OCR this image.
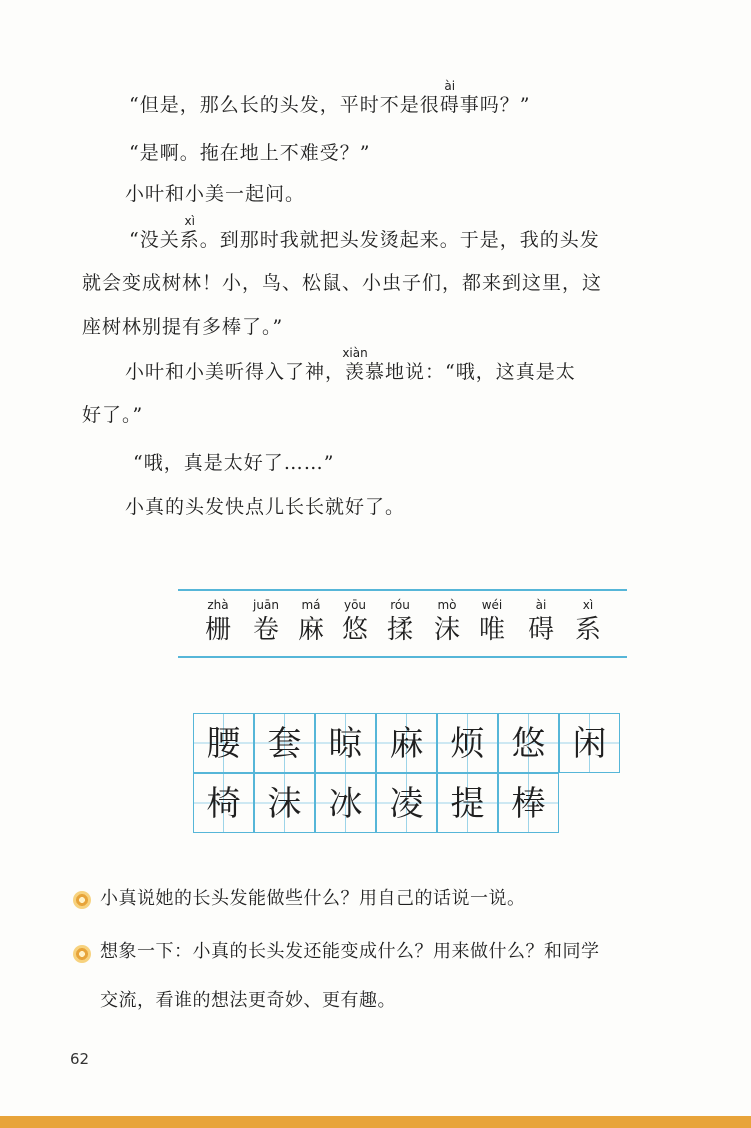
“但是，那么长的头发，平时不是很
ài
碍事吗？”
“是啊。拖在地上不难受？”
小叶和小美一起问。
“没关
xì
系。到那时我就把头发烫起来。于是，我的头发
就会变成树林！小，鸟、松鼠、小虫子们，都来到这里，这
座树林别提有多棒了。”
小叶和小美听得入了神，
xiàn
羡慕地说：“哦，这真是太
好了。”
“哦，真是太好了……”
小真的头发快点儿长长就好了。
zhà
栅
juān
卷
má
麻
yōu
悠
róu
揉
mò
沫
wéi
唯
ài
碍
xì
系
腰 套 晾 麻 烦 悠 闲
椅 沫 冰 凌 提 棒
小真说她的长头发能做些什么？用自己的话说一说。
想象一下：小真的长头发还能变成什么？用来做什么？和同学
交流，看谁的想法更奇妙、更有趣。
62
